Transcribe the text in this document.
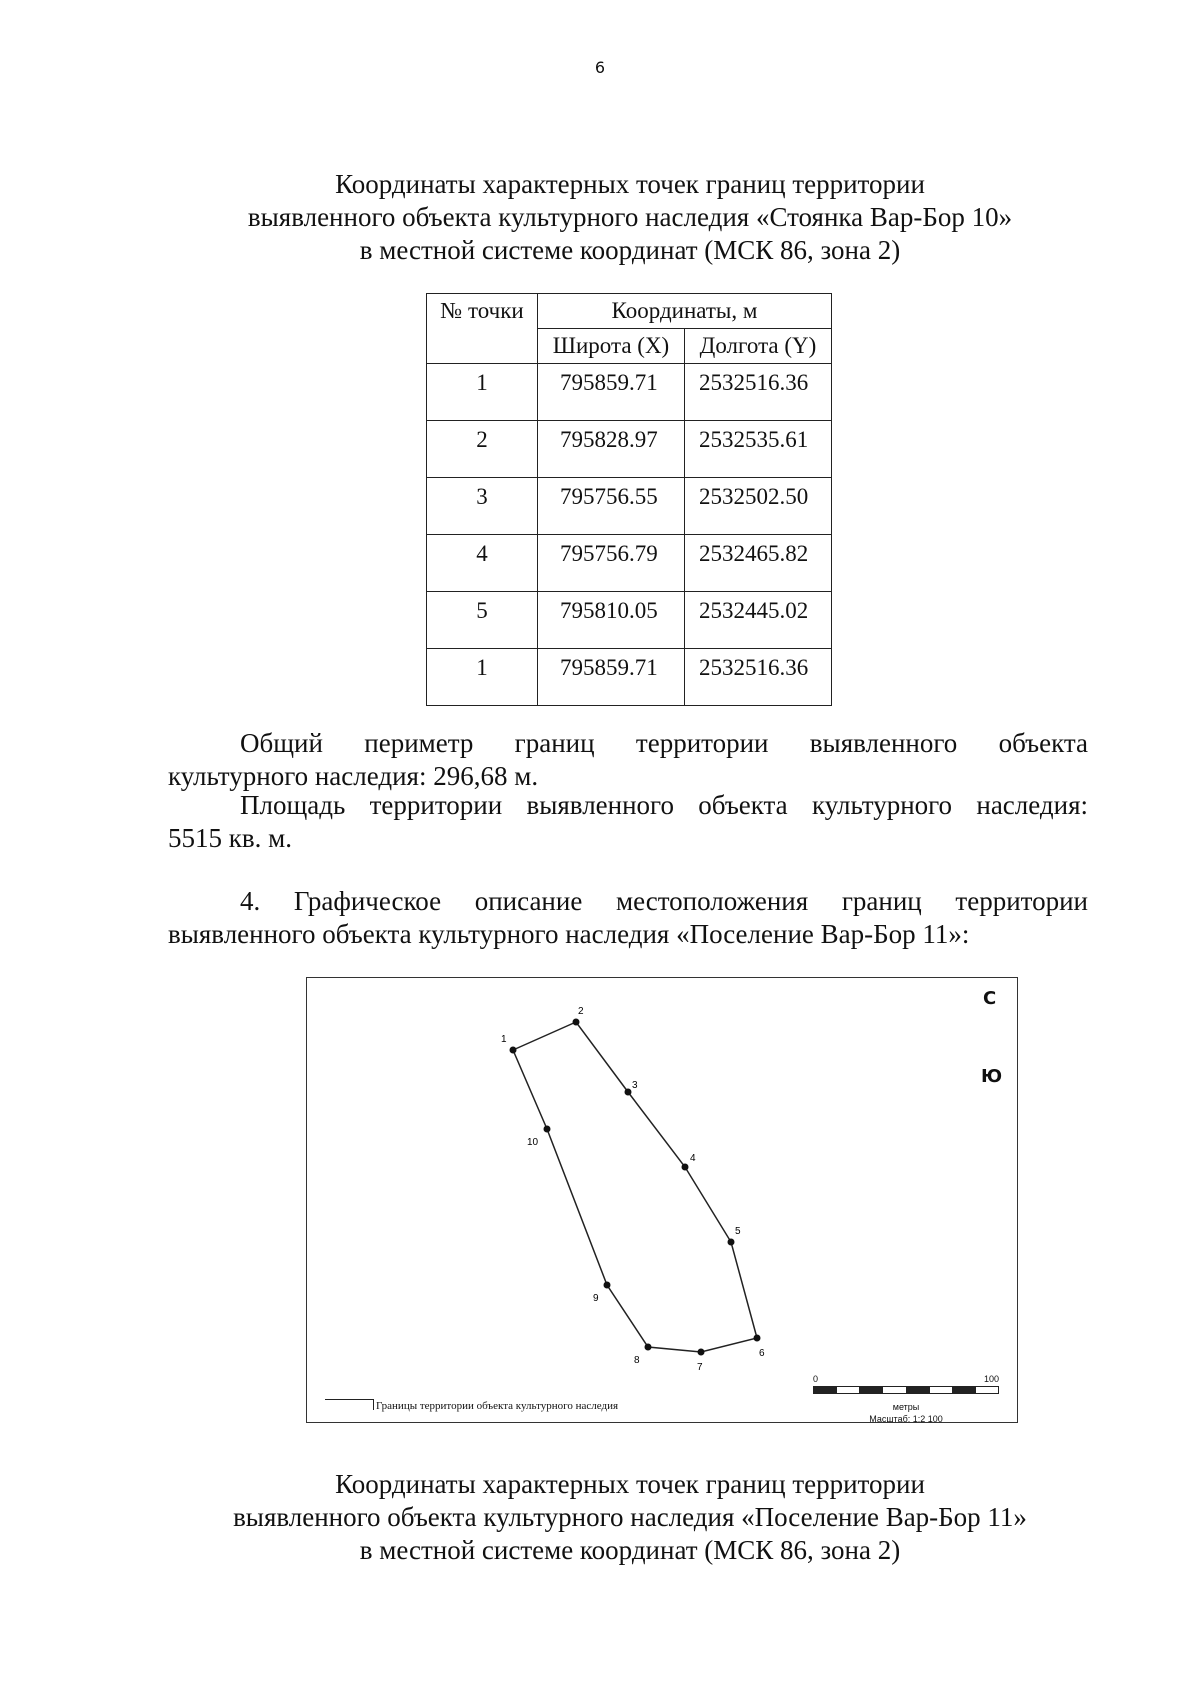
6
Координаты характерных точек границ территории
выявленного объекта культурного наследия «Стоянка Вар-Бор 10»
в местной системе координат (МСК 86, зона 2)
№ точки	Координаты, м	
	Широта (X)	Долгота (Y)
1	795859.71	2532516.36
2	795828.97	2532535.61
3	795756.55	2532502.50
4	795756.79	2532465.82
5	795810.05	2532445.02
1	795859.71	2532516.36
Общий периметр границ территории выявленного объекта
культурного наследия: 296,68 м.
Площадь территории выявленного объекта культурного наследия:
5515 кв. м.
4. Графическое описание местоположения границ территории
выявленного объекта культурного наследия «Поселение Вар-Бор 11»:
1
2
3
4
5
6
7
8
9
10
С
Ю
Границы территории объекта культурного наследия
0	100
метры
Масштаб: 1:2 100
Координаты характерных точек границ территории
выявленного объекта культурного наследия «Поселение Вар-Бор 11»
в местной системе координат (МСК 86, зона 2)
